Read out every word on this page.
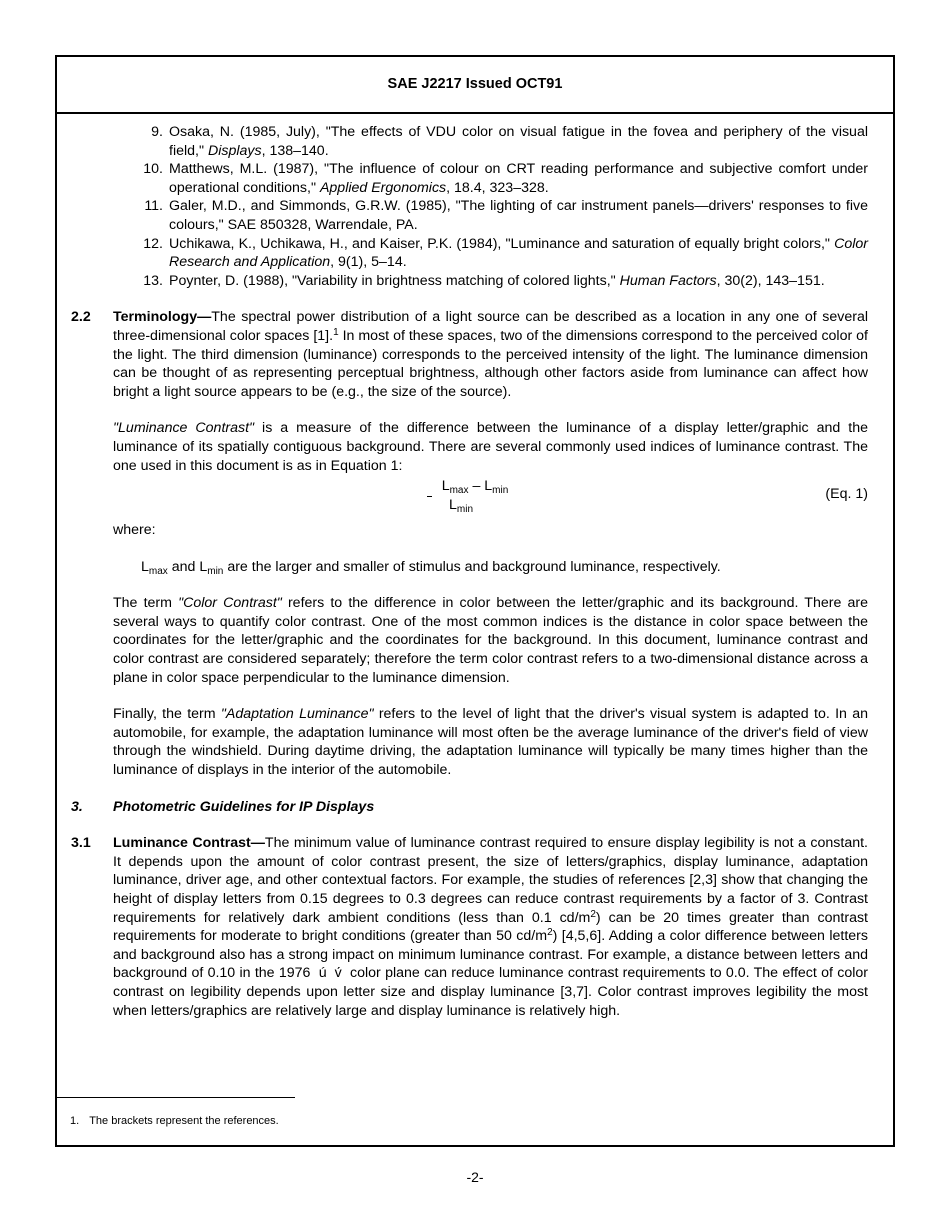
SAE J2217 Issued OCT91
9. Osaka, N. (1985, July), "The effects of VDU color on visual fatigue in the fovea and periphery of the visual field," Displays, 138–140.
10. Matthews, M.L. (1987), "The influence of colour on CRT reading performance and subjective comfort under operational conditions," Applied Ergonomics, 18.4, 323–328.
11. Galer, M.D., and Simmonds, G.R.W. (1985), "The lighting of car instrument panels—drivers' responses to five colours," SAE 850328, Warrendale, PA.
12. Uchikawa, K., Uchikawa, H., and Kaiser, P.K. (1984), "Luminance and saturation of equally bright colors," Color Research and Application, 9(1), 5–14.
13. Poynter, D. (1988), "Variability in brightness matching of colored lights," Human Factors, 30(2), 143–151.
2.2 Terminology—The spectral power distribution of a light source can be described as a location in any one of several three-dimensional color spaces [1].$^1$ In most of these spaces, two of the dimensions correspond to the perceived color of the light. The third dimension (luminance) corresponds to the perceived intensity of the light. The luminance dimension can be thought of as representing perceptual brightness, although other factors aside from luminance can affect how bright a light source appears to be (e.g., the size of the source).
"Luminance Contrast" is a measure of the difference between the luminance of a display letter/graphic and the luminance of its spatially contiguous background. There are several commonly used indices of luminance contrast. The one used in this document is as in Equation 1:
$L_{max} - L_{min}$
$L_{min}$
(Eq. 1)
where:
$L_{max}$ and $L_{min}$ are the larger and smaller of stimulus and background luminance, respectively.
The term "Color Contrast" refers to the difference in color between the letter/graphic and its background. There are several ways to quantify color contrast. One of the most common indices is the distance in color space between the coordinates for the letter/graphic and the coordinates for the background. In this document, luminance contrast and color contrast are considered separately; therefore the term color contrast refers to a two-dimensional distance across a plane in color space perpendicular to the luminance dimension.
Finally, the term "Adaptation Luminance" refers to the level of light that the driver's visual system is adapted to. In an automobile, for example, the adaptation luminance will most often be the average luminance of the driver's field of view through the windshield. During daytime driving, the adaptation luminance will typically be many times higher than the luminance of displays in the interior of the automobile.
3. Photometric Guidelines for IP Displays
3.1 Luminance Contrast—The minimum value of luminance contrast required to ensure display legibility is not a constant. It depends upon the amount of color contrast present, the size of letters/graphics, display luminance, adaptation luminance, driver age, and other contextual factors. For example, the studies of references [2,3] show that changing the height of display letters from 0.15 degrees to 0.3 degrees can reduce contrast requirements by a factor of 3. Contrast requirements for relatively dark ambient conditions (less than 0.1 $cd/m^2$) can be 20 times greater than contrast requirements for moderate to bright conditions (greater than 50 $cd/m^2$) [4,5,6]. Adding a color difference between letters and background also has a strong impact on minimum luminance contrast. For example, a distance between letters and background of 0.10 in the 1976 ú v́ color plane can reduce luminance contrast requirements to 0.0. The effect of color contrast on legibility depends upon letter size and display luminance [3,7]. Color contrast improves legibility the most when letters/graphics are relatively large and display luminance is relatively high.
1. The brackets represent the references.
-2-
